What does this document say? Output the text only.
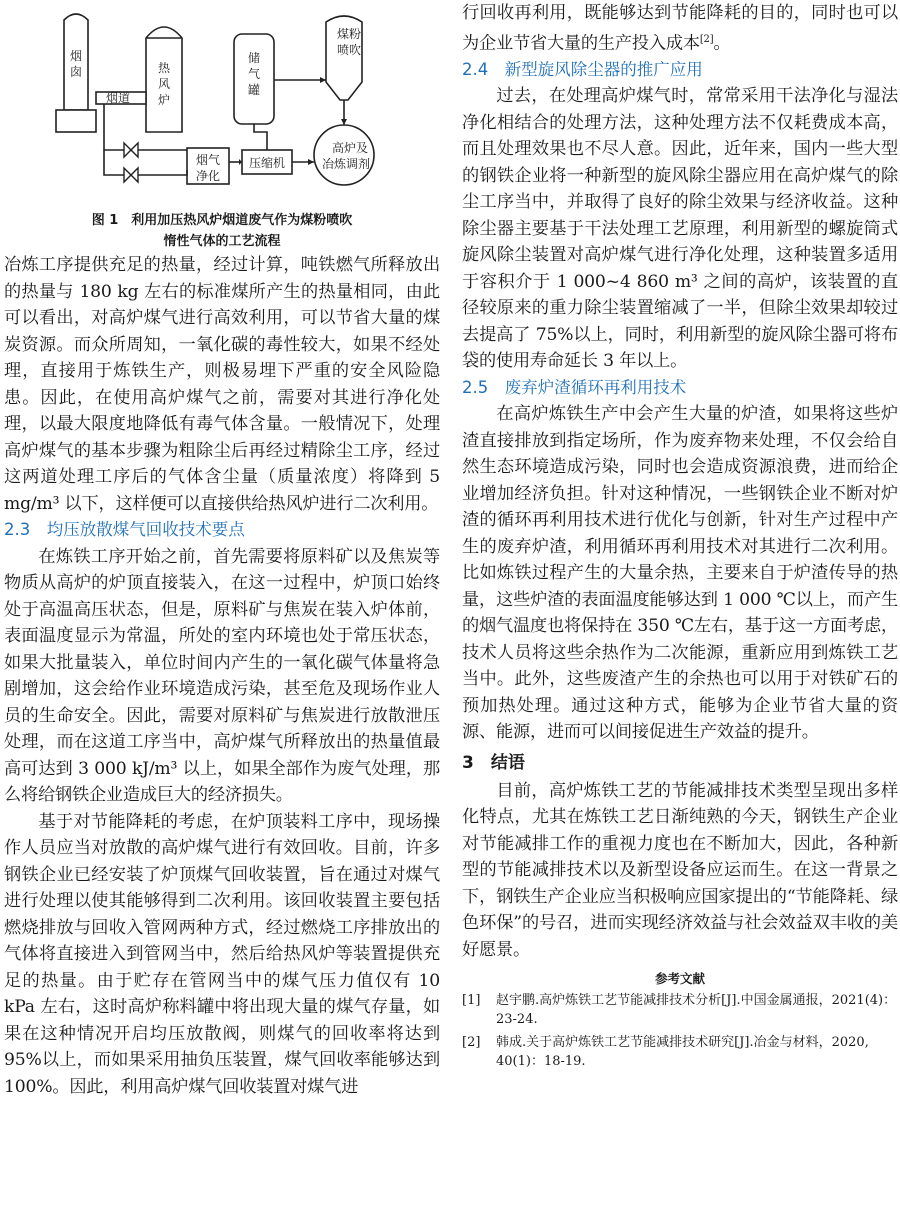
烟
囱
烟道
热
风
炉
储
气
罐
煤粉
喷吹
烟气
净化
压缩机
高炉及
冶炼调剂

图 1　利用加压热风炉烟道废气作为煤粉喷吹

惰性气体的工艺流程

冶炼工序提供充足的热量，经过计算，吨铁燃气所释放出的热量与 180 kg 左右的标准煤所产生的热量相同，由此可以看出，对高炉煤气进行高效利用，可以节省大量的煤炭资源。而众所周知，一氧化碳的毒性较大，如果不经处理，直接用于炼铁生产，则极易埋下严重的安全风险隐患。因此，在使用高炉煤气之前，需要对其进行净化处理，以最大限度地降低有毒气体含量。一般情况下，处理高炉煤气的基本步骤为粗除尘后再经过精除尘工序，经过这两道处理工序后的气体含尘量（质量浓度）将降到 5 mg/m³ 以下，这样便可以直接供给热风炉进行二次利用。

2.3　均压放散煤气回收技术要点

在炼铁工序开始之前，首先需要将原料矿以及焦炭等物质从高炉的炉顶直接装入，在这一过程中，炉顶口始终处于高温高压状态，但是，原料矿与焦炭在装入炉体前，表面温度显示为常温，所处的室内环境也处于常压状态，如果大批量装入，单位时间内产生的一氧化碳气体量将急剧增加，这会给作业环境造成污染，甚至危及现场作业人员的生命安全。因此，需要对原料矿与焦炭进行放散泄压处理，而在这道工序当中，高炉煤气所释放出的热量值最高可达到 3 000 kJ/m³ 以上，如果全部作为废气处理，那么将给钢铁企业造成巨大的经济损失。

基于对节能降耗的考虑，在炉顶装料工序中，现场操作人员应当对放散的高炉煤气进行有效回收。目前，许多钢铁企业已经安装了炉顶煤气回收装置，旨在通过对煤气进行处理以使其能够得到二次利用。该回收装置主要包括燃烧排放与回收入管网两种方式，经过燃烧工序排放出的气体将直接进入到管网当中，然后给热风炉等装置提供充足的热量。由于贮存在管网当中的煤气压力值仅有 10 kPa 左右，这时高炉称料罐中将出现大量的煤气存量，如果在这种情况开启均压放散阀，则煤气的回收率将达到 95%以上，而如果采用抽负压装置，煤气回收率能够达到 100%。因此，利用高炉煤气回收装置对煤气进

行回收再利用，既能够达到节能降耗的目的，同时也可以为企业节省大量的生产投入成本[2]。

2.4　新型旋风除尘器的推广应用

过去，在处理高炉煤气时，常常采用干法净化与湿法净化相结合的处理方法，这种处理方法不仅耗费成本高，而且处理效果也不尽人意。因此，近年来，国内一些大型的钢铁企业将一种新型的旋风除尘器应用在高炉煤气的除尘工序当中，并取得了良好的除尘效果与经济收益。这种除尘器主要基于干法处理工艺原理，利用新型的螺旋筒式旋风除尘装置对高炉煤气进行净化处理，这种装置多适用于容积介于 1 000~4 860 m³ 之间的高炉，该装置的直径较原来的重力除尘装置缩减了一半，但除尘效果却较过去提高了 75%以上，同时，利用新型的旋风除尘器可将布袋的使用寿命延长 3 年以上。

2.5　废弃炉渣循环再利用技术

在高炉炼铁生产中会产生大量的炉渣，如果将这些炉渣直接排放到指定场所，作为废弃物来处理，不仅会给自然生态环境造成污染，同时也会造成资源浪费，进而给企业增加经济负担。针对这种情况，一些钢铁企业不断对炉渣的循环再利用技术进行优化与创新，针对生产过程中产生的废弃炉渣，利用循环再利用技术对其进行二次利用。比如炼铁过程产生的大量余热，主要来自于炉渣传导的热量，这些炉渣的表面温度能够达到 1 000 ℃以上，而产生的烟气温度也将保持在 350 ℃左右，基于这一方面考虑，技术人员将这些余热作为二次能源，重新应用到炼铁工艺当中。此外，这些废渣产生的余热也可以用于对铁矿石的预加热处理。通过这种方式，能够为企业节省大量的资源、能源，进而可以间接促进生产效益的提升。

3　结语

目前，高炉炼铁工艺的节能减排技术类型呈现出多样化特点，尤其在炼铁工艺日渐纯熟的今天，钢铁生产企业对节能减排工作的重视力度也在不断加大，因此，各种新型的节能减排技术以及新型设备应运而生。在这一背景之下，钢铁生产企业应当积极响应国家提出的“节能降耗、绿色环保”的号召，进而实现经济效益与社会效益双丰收的美好愿景。

参考文献

[1]	赵宇鹏.高炉炼铁工艺节能减排技术分析[J].中国金属通报，2021(4)：23-24.
[2]	韩成.关于高炉炼铁工艺节能减排技术研究[J].冶金与材料，2020, 40(1)：18-19.
